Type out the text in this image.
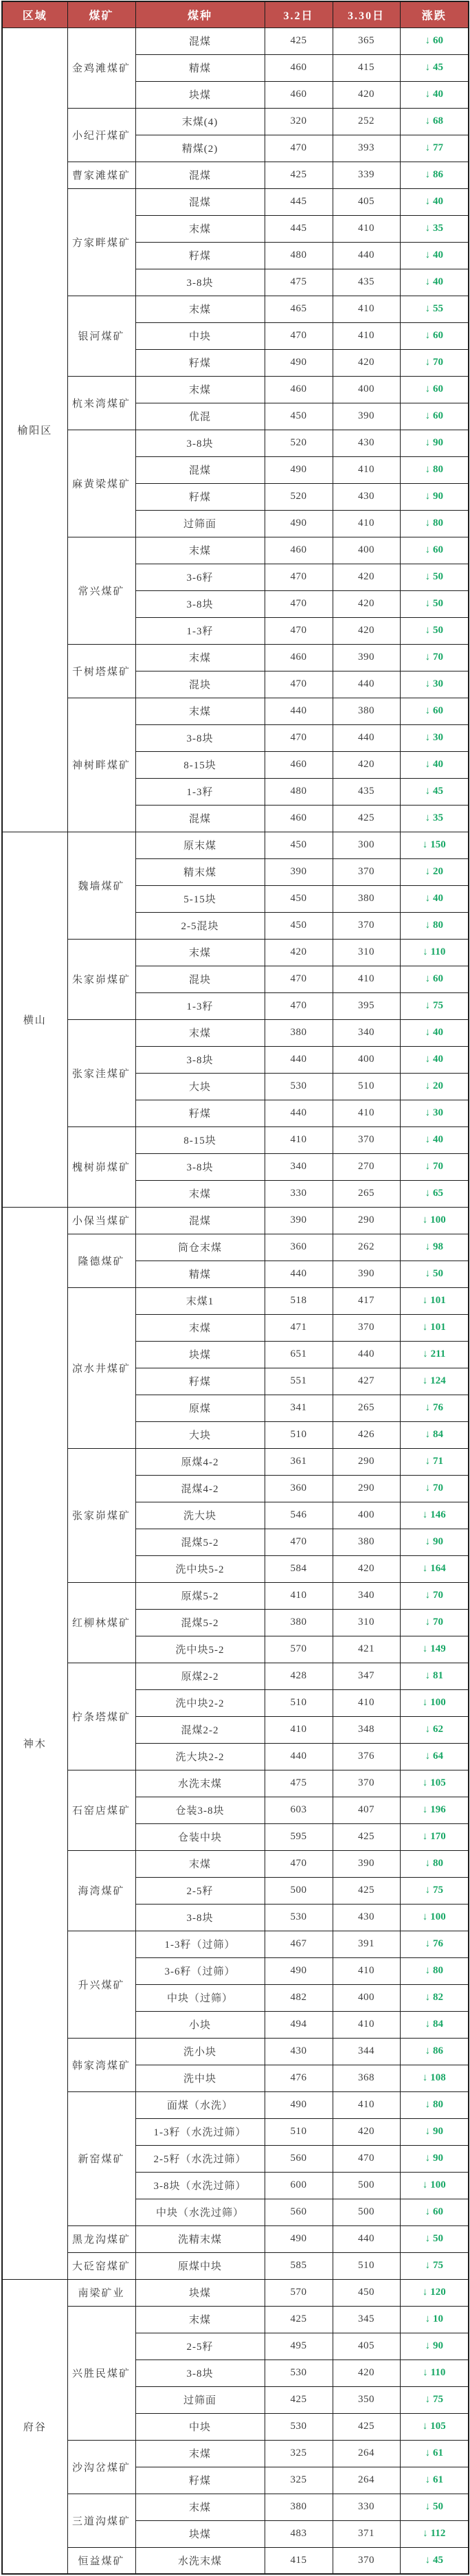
区域	煤矿	煤种	3.2日	3.30日	涨跌
榆阳区	金鸡滩煤矿	混煤	425	365	↓ 60
		精煤	460	415	↓ 45
		块煤	460	420	↓ 40
	小纪汗煤矿	末煤(4)	320	252	↓ 68
		精煤(2)	470	393	↓ 77
	曹家滩煤矿	混煤	425	339	↓ 86
	方家畔煤矿	混煤	445	405	↓ 40
		末煤	445	410	↓ 35
		籽煤	480	440	↓ 40
		3-8块	475	435	↓ 40
	银河煤矿	末煤	465	410	↓ 55
		中块	470	410	↓ 60
		籽煤	490	420	↓ 70
	杭来湾煤矿	末煤	460	400	↓ 60
		优混	450	390	↓ 60
	麻黄梁煤矿	3-8块	520	430	↓ 90
		混煤	490	410	↓ 80
		籽煤	520	430	↓ 90
		过筛面	490	410	↓ 80
	常兴煤矿	末煤	460	400	↓ 60
		3-6籽	470	420	↓ 50
		3-8块	470	420	↓ 50
		1-3籽	470	420	↓ 50
	千树塔煤矿	末煤	460	390	↓ 70
		混块	470	440	↓ 30
	神树畔煤矿	末煤	440	380	↓ 60
		3-8块	470	440	↓ 30
		8-15块	460	420	↓ 40
		1-3籽	480	435	↓ 45
		混煤	460	425	↓ 35
横山	魏墙煤矿	原末煤	450	300	↓ 150
		精末煤	390	370	↓ 20
		5-15块	450	380	↓ 40
		2-5混块	450	370	↓ 80
	朱家峁煤矿	末煤	420	310	↓ 110
		混块	470	410	↓ 60
		1-3籽	470	395	↓ 75
	张家洼煤矿	末煤	380	340	↓ 40
		3-8块	440	400	↓ 40
		大块	530	510	↓ 20
		籽煤	440	410	↓ 30
	槐树峁煤矿	8-15块	410	370	↓ 40
		3-8块	340	270	↓ 70
		末煤	330	265	↓ 65
神木	小保当煤矿	混煤	390	290	↓ 100
	隆德煤矿	筒仓末煤	360	262	↓ 98
		精煤	440	390	↓ 50
	凉水井煤矿	末煤1	518	417	↓ 101
		末煤	471	370	↓ 101
		块煤	651	440	↓ 211
		籽煤	551	427	↓ 124
		原煤	341	265	↓ 76
		大块	510	426	↓ 84
	张家峁煤矿	原煤4-2	361	290	↓ 71
		混煤4-2	360	290	↓ 70
		洗大块	546	400	↓ 146
		混煤5-2	470	380	↓ 90
		洗中块5-2	584	420	↓ 164
	红柳林煤矿	原煤5-2	410	340	↓ 70
		混煤5-2	380	310	↓ 70
		洗中块5-2	570	421	↓ 149
	柠条塔煤矿	原煤2-2	428	347	↓ 81
		洗中块2-2	510	410	↓ 100
		混煤2-2	410	348	↓ 62
		洗大块2-2	440	376	↓ 64
	石窑店煤矿	水洗末煤	475	370	↓ 105
		仓装3-8块	603	407	↓ 196
		仓装中块	595	425	↓ 170
	海湾煤矿	末煤	470	390	↓ 80
		2-5籽	500	425	↓ 75
		3-8块	530	430	↓ 100
	升兴煤矿	1-3籽（过筛）	467	391	↓ 76
		3-6籽（过筛）	490	410	↓ 80
		中块（过筛）	482	400	↓ 82
		小块	494	410	↓ 84
	韩家湾煤矿	洗小块	430	344	↓ 86
		洗中块	476	368	↓ 108
	新窑煤矿	面煤（水洗）	490	410	↓ 80
		1-3籽（水洗过筛）	510	420	↓ 90
		2-5籽（水洗过筛）	560	470	↓ 90
		3-8块（水洗过筛）	600	500	↓ 100
		中块（水洗过筛）	560	500	↓ 60
	黑龙沟煤矿	洗精末煤	490	440	↓ 50
	大砭窑煤矿	原煤中块	585	510	↓ 75
府谷	南梁矿业	块煤	570	450	↓ 120
	兴胜民煤矿	末煤	425	345	↓ 10
		2-5籽	495	405	↓ 90
		3-8块	530	420	↓ 110
		过筛面	425	350	↓ 75
		中块	530	425	↓ 105
	沙沟岔煤矿	末煤	325	264	↓ 61
		籽煤	325	264	↓ 61
	三道沟煤矿	末煤	380	330	↓ 50
		块煤	483	371	↓ 112
	恒益煤矿	水洗末煤	415	370	↓ 45
